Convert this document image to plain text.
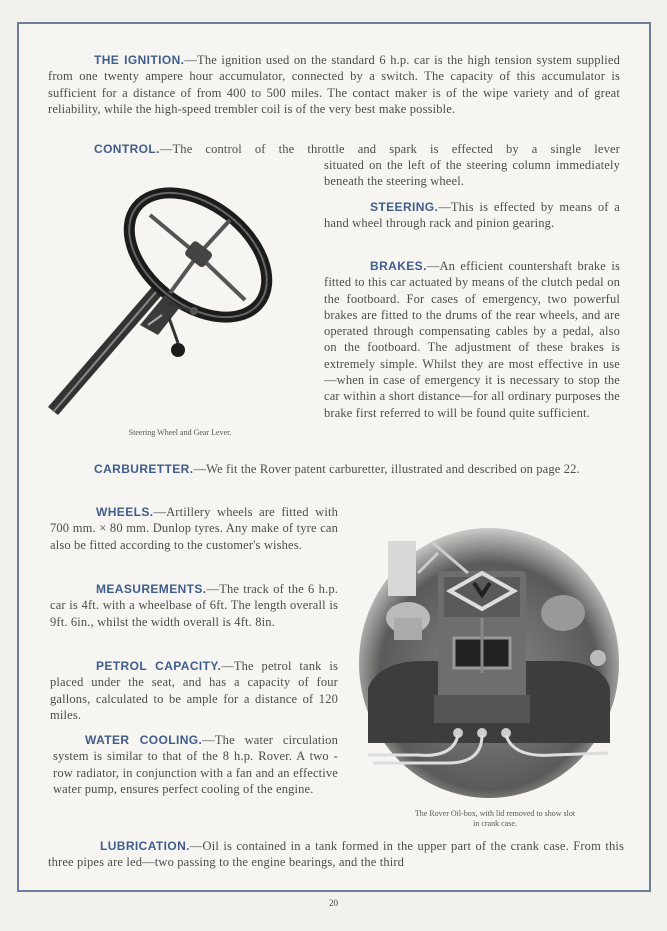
THE IGNITION.—The ignition used on the standard 6 h.p. car is the high tension system supplied from one twenty ampere hour accumulator, connected by a switch. The capacity of this accumulator is sufficient for a distance of from 400 to 500 miles. The contact maker is of the wipe variety and of great reliability, while the high-speed trembler coil is of the very best make possible.
CONTROL.—The control of the throttle and spark is effected by a single lever
situated on the left of the steering column immediately beneath the steering wheel.
STEERING.—This is effected by means of a hand wheel through rack and pinion gearing.
BRAKES.—An efficient countershaft brake is fitted to this car actuated by means of the clutch pedal on the footboard. For cases of emergency, two powerful brakes are fitted to the drums of the rear wheels, and are operated through compensating cables by a pedal, also on the footboard. The adjustment of these brakes is extremely simple. Whilst they are most effective in use—when in case of emergency it is necessary to stop the car within a short distance—for all ordinary purposes the brake first referred to will be found quite sufficient.
Steering Wheel and Gear Lever.
CARBURETTER.—We fit the Rover patent carburetter, illustrated and described on page 22.
WHEELS.—Artillery wheels are fitted with 700 mm. × 80 mm. Dunlop tyres. Any make of tyre can also be fitted according to the customer's wishes.
MEASUREMENTS.—The track of the 6 h.p. car is 4ft. with a wheelbase of 6ft. The length overall is 9ft. 6in., whilst the width overall is 4ft. 8in.
PETROL CAPACITY.—The petrol tank is placed under the seat, and has a capacity of four gallons, calculated to be ample for a distance of 120 miles.
WATER COOLING.—The water circulation system is similar to that of the 8 h.p. Rover. A two - row radiator, in conjunction with a fan and an effective water pump, ensures perfect cooling of the engine.
The Rover Oil-box, with lid removed to show slot
in crank case.
LUBRICATION.—Oil is contained in a tank formed in the upper part of the crank case. From this three pipes are led—two passing to the engine bearings, and the third
20
